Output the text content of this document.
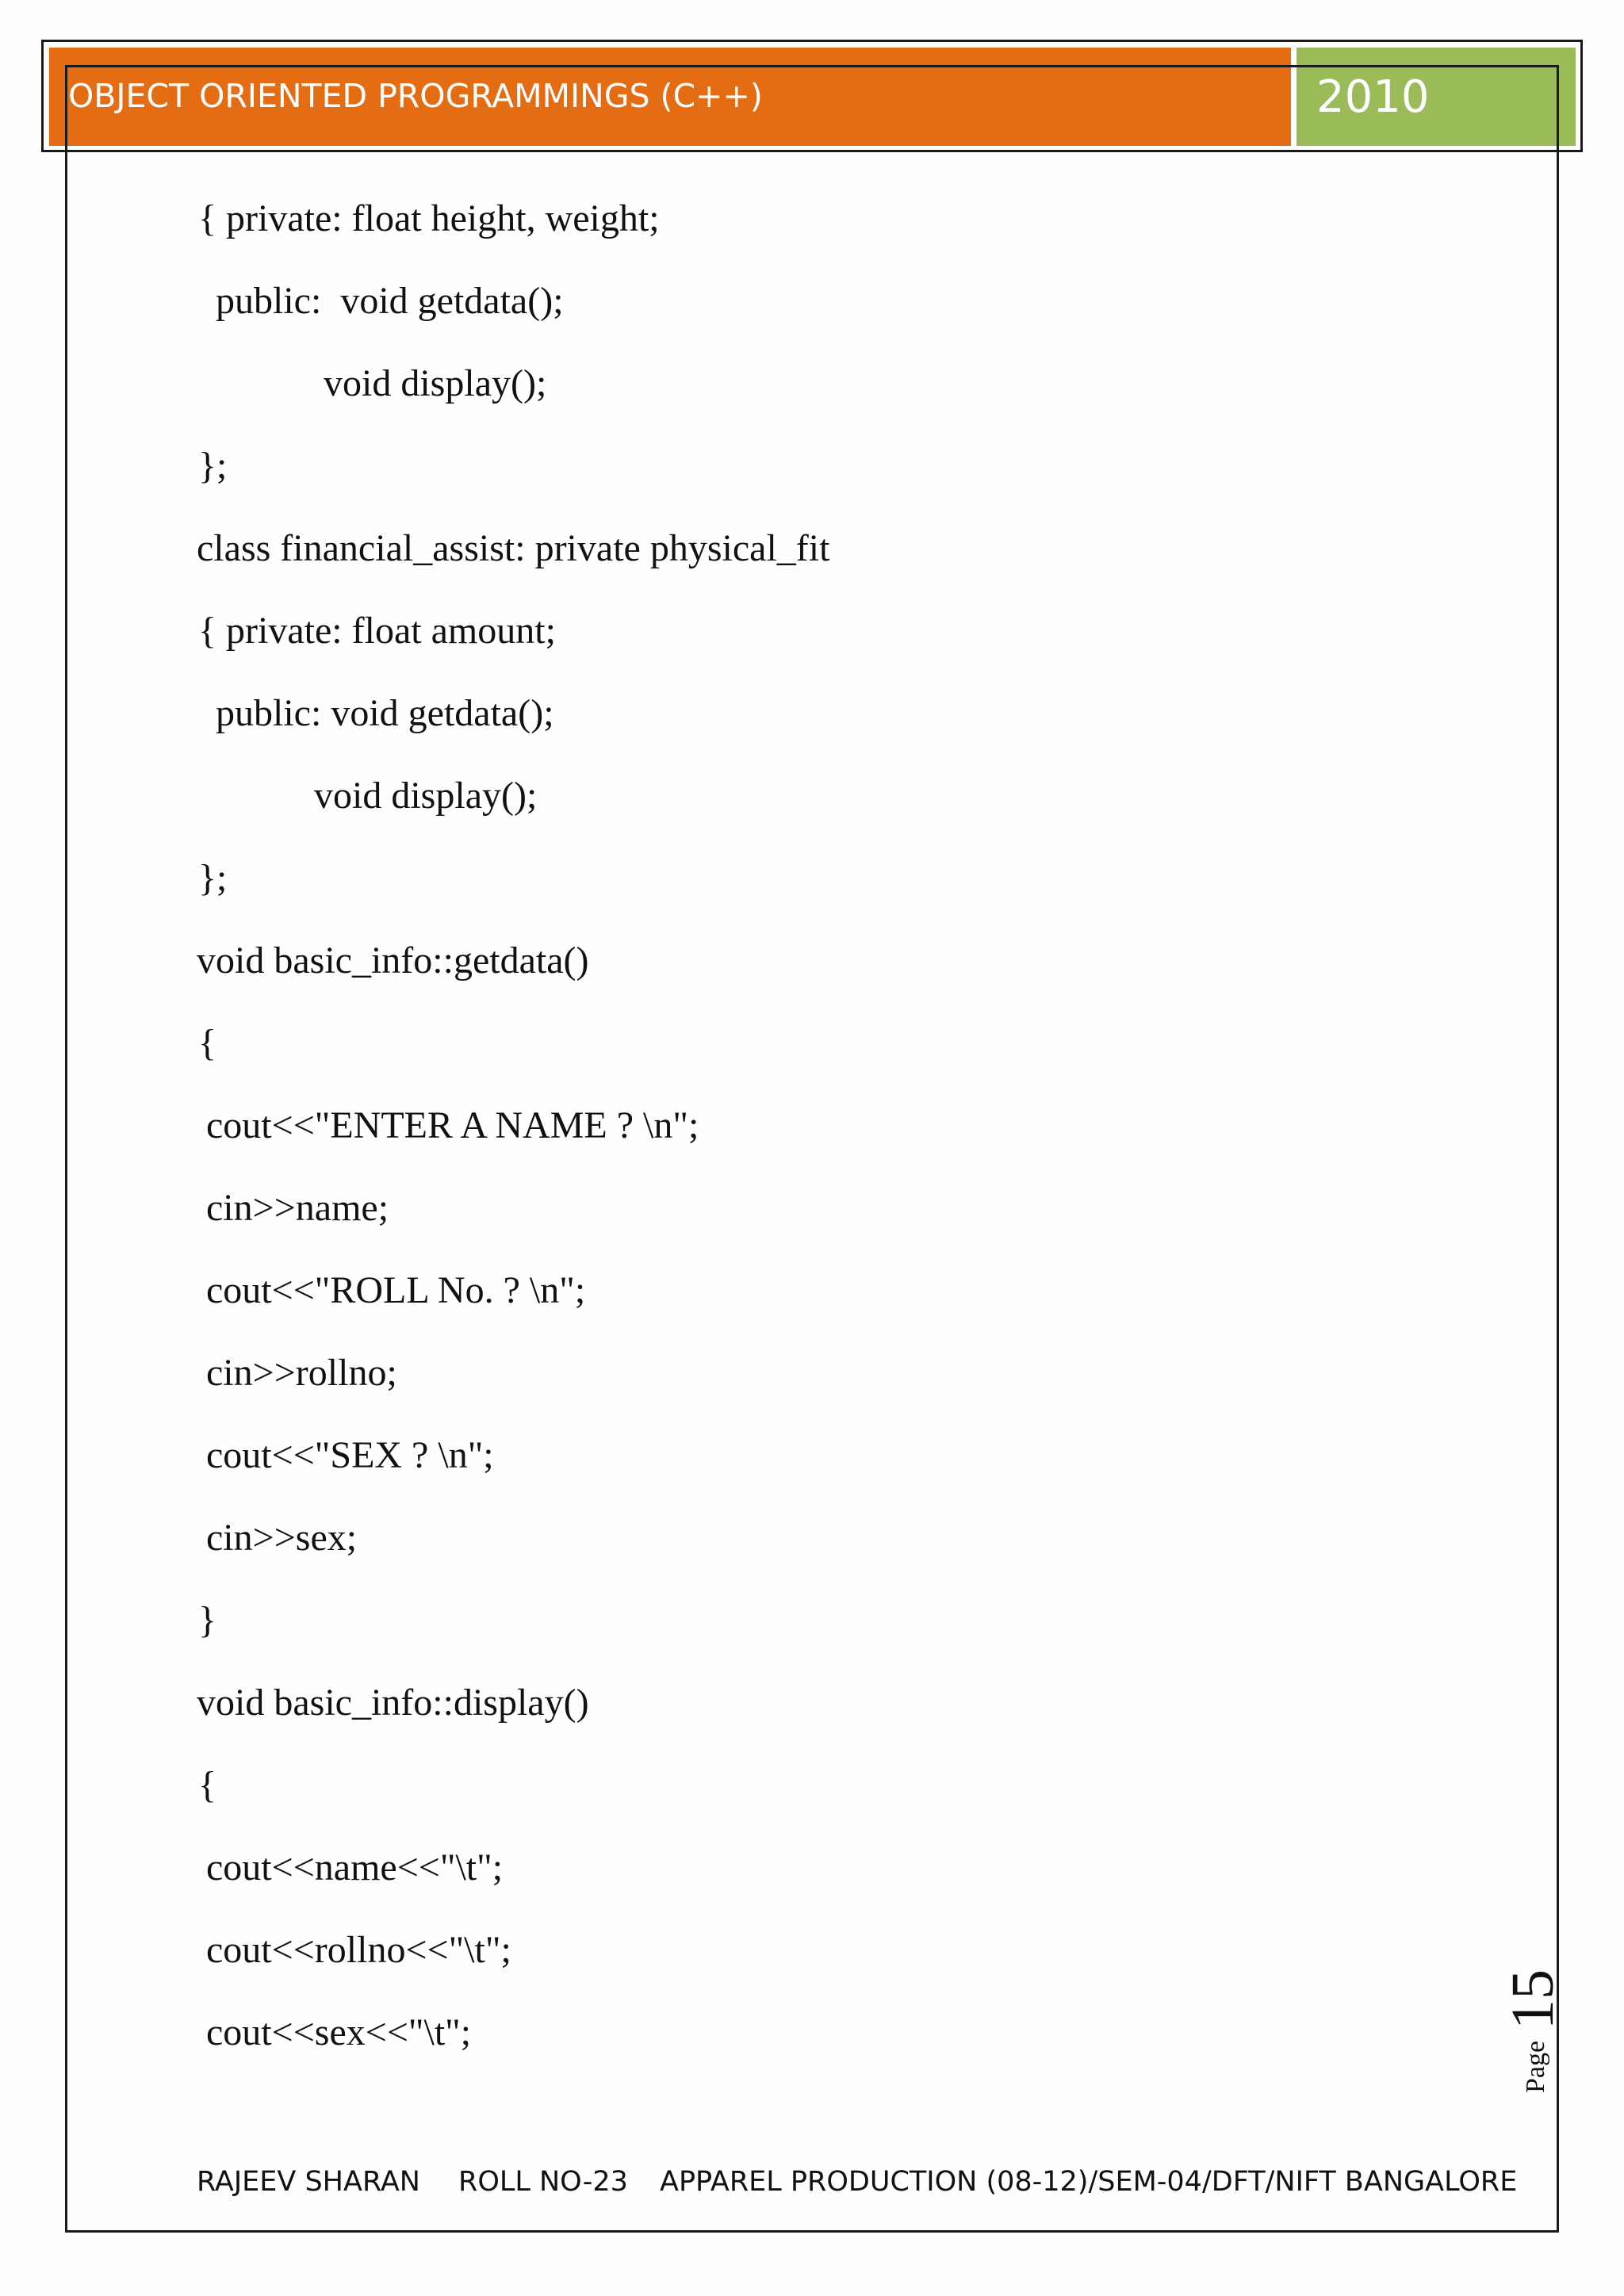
OBJECT ORIENTED PROGRAMMINGS (C++)	2010
{ private: float height, weight;
public:  void getdata();
void display();
};
class financial_assist: private physical_fit
{ private: float amount;
public: void getdata();
void display();
};
void basic_info::getdata()
{
cout<<"ENTER A NAME ? \n";
cin>>name;
cout<<"ROLL No. ? \n";
cin>>rollno;
cout<<"SEX ? \n";
cin>>sex;
}
void basic_info::display()
{
cout<<name<<"\t";
cout<<rollno<<"\t";
cout<<sex<<"\t";
15
Page
RAJEEV SHARAN ROLL NO-23 APPAREL PRODUCTION (08-12)/SEM-04/DFT/NIFT BANGALORE
